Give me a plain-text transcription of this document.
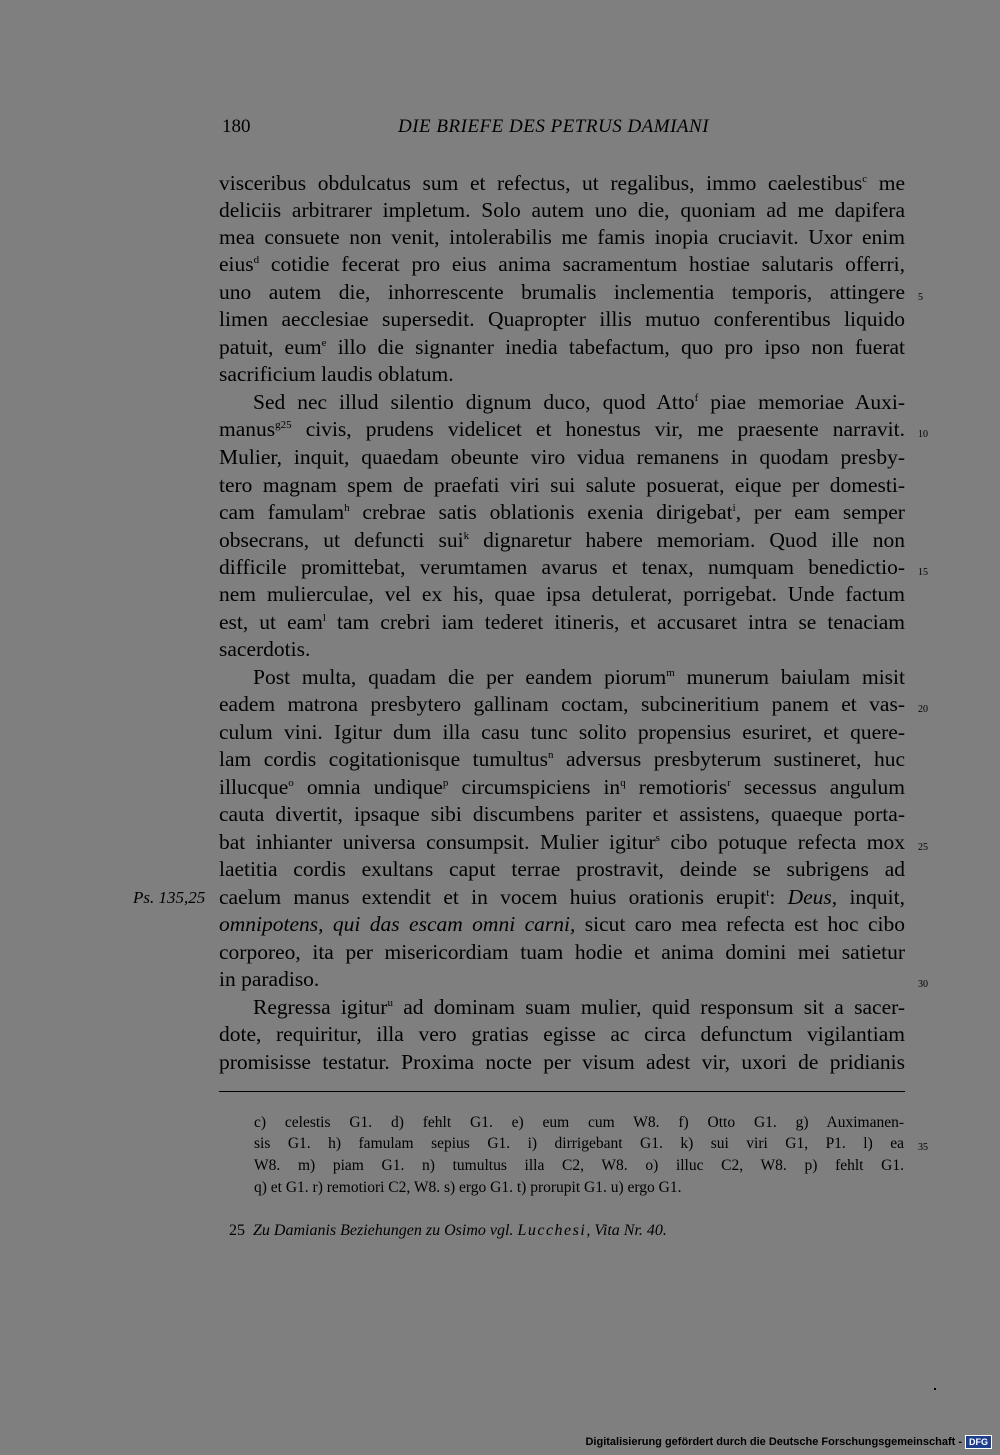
180	DIE BRIEFE DES PETRUS DAMIANI
visceribus obdulcatus sum et refectus, ut regalibus, immo caelestibus$^c$ me
deliciis arbitrarer impletum. Solo autem uno die, quoniam ad me dapifera
mea consuete non venit, intolerabilis me famis inopia cruciavit. Uxor enim
eius$^d$ cotidie fecerat pro eius anima sacramentum hostiae salutaris offerri,
uno autem die, inhorrescente brumalis inclementia temporis, attingere
limen aecclesiae supersedit. Quapropter illis mutuo conferentibus liquido
patuit, eum$^e$ illo die signanter inedia tabefactum, quo pro ipso non fuerat
sacrificium laudis oblatum.
Sed nec illud silentio dignum duco, quod Atto$^f$ piae memoriae Auxi-
manus$^{g25}$ civis, prudens videlicet et honestus vir, me praesente narravit.
Mulier, inquit, quaedam obeunte viro vidua remanens in quodam presby-
tero magnam spem de praefati viri sui salute posuerat, eique per domesti-
cam famulam$^h$ crebrae satis oblationis exenia dirigebat$^i$, per eam semper
obsecrans, ut defuncti sui$^k$ dignaretur habere memoriam. Quod ille non
difficile promittebat, verumtamen avarus et tenax, numquam benedictio-
nem mulierculae, vel ex his, quae ipsa detulerat, porrigebat. Unde factum
est, ut eam$^l$ tam crebri iam tederet itineris, et accusaret intra se tenaciam
sacerdotis.
Post multa, quadam die per eandem piorum$^m$ munerum baiulam misit
eadem matrona presbytero gallinam coctam, subcineritium panem et vas-
culum vini. Igitur dum illa casu tunc solito propensius esuriret, et quere-
lam cordis cogitationisque tumultus$^n$ adversus presbyterum sustineret, huc
illucque$^o$ omnia undique$^p$ circumspiciens $in^q$ remotioris$^r$ secessus angulum
cauta divertit, ipsaque sibi discumbens pariter et assistens, quaeque porta-
bat inhianter universa consumpsit. Mulier igitur$^s$ cibo potuque refecta mox
laetitia cordis exultans caput terrae prostravit, deinde se subrigens ad
caelum manus extendit et in vocem huius orationis erupit$^t$: Deus, inquit,
omnipotens, qui das escam omni carni, sicut caro mea refecta est hoc cibo
corporeo, ita per misericordiam tuam hodie et anima domini mei satietur
in paradiso.
Regressa igitur$^u$ ad dominam suam mulier, quid responsum sit a sacer-
dote, requiritur, illa vero gratias egisse ac circa defunctum vigilantiam
promisisse testatur. Proxima nocte per visum adest vir, uxori de pridianis
5
10
15
20
25
30
35
Ps. 135,25
c) celestis G1. d) fehlt G1. e) eum cum W8. f) Otto G1. g) Auximanen-
sis G1. h) famulam sepius G1. i) dirrigebant G1. k) sui viri G1, P1. l) ea
W8. m) piam G1. n) tumultus illa C2, W8. o) illuc C2, W8. p) fehlt G1.
q) et G1. r) remotiori C2, W8. s) ergo G1. t) prorupit G1. u) ergo G1.
25 Zu Damianis Beziehungen zu Osimo vgl. Lucchesi, Vita Nr. 40.
Digitalisierung gefördert durch die Deutsche Forschungsgemeinschaft - DFG
